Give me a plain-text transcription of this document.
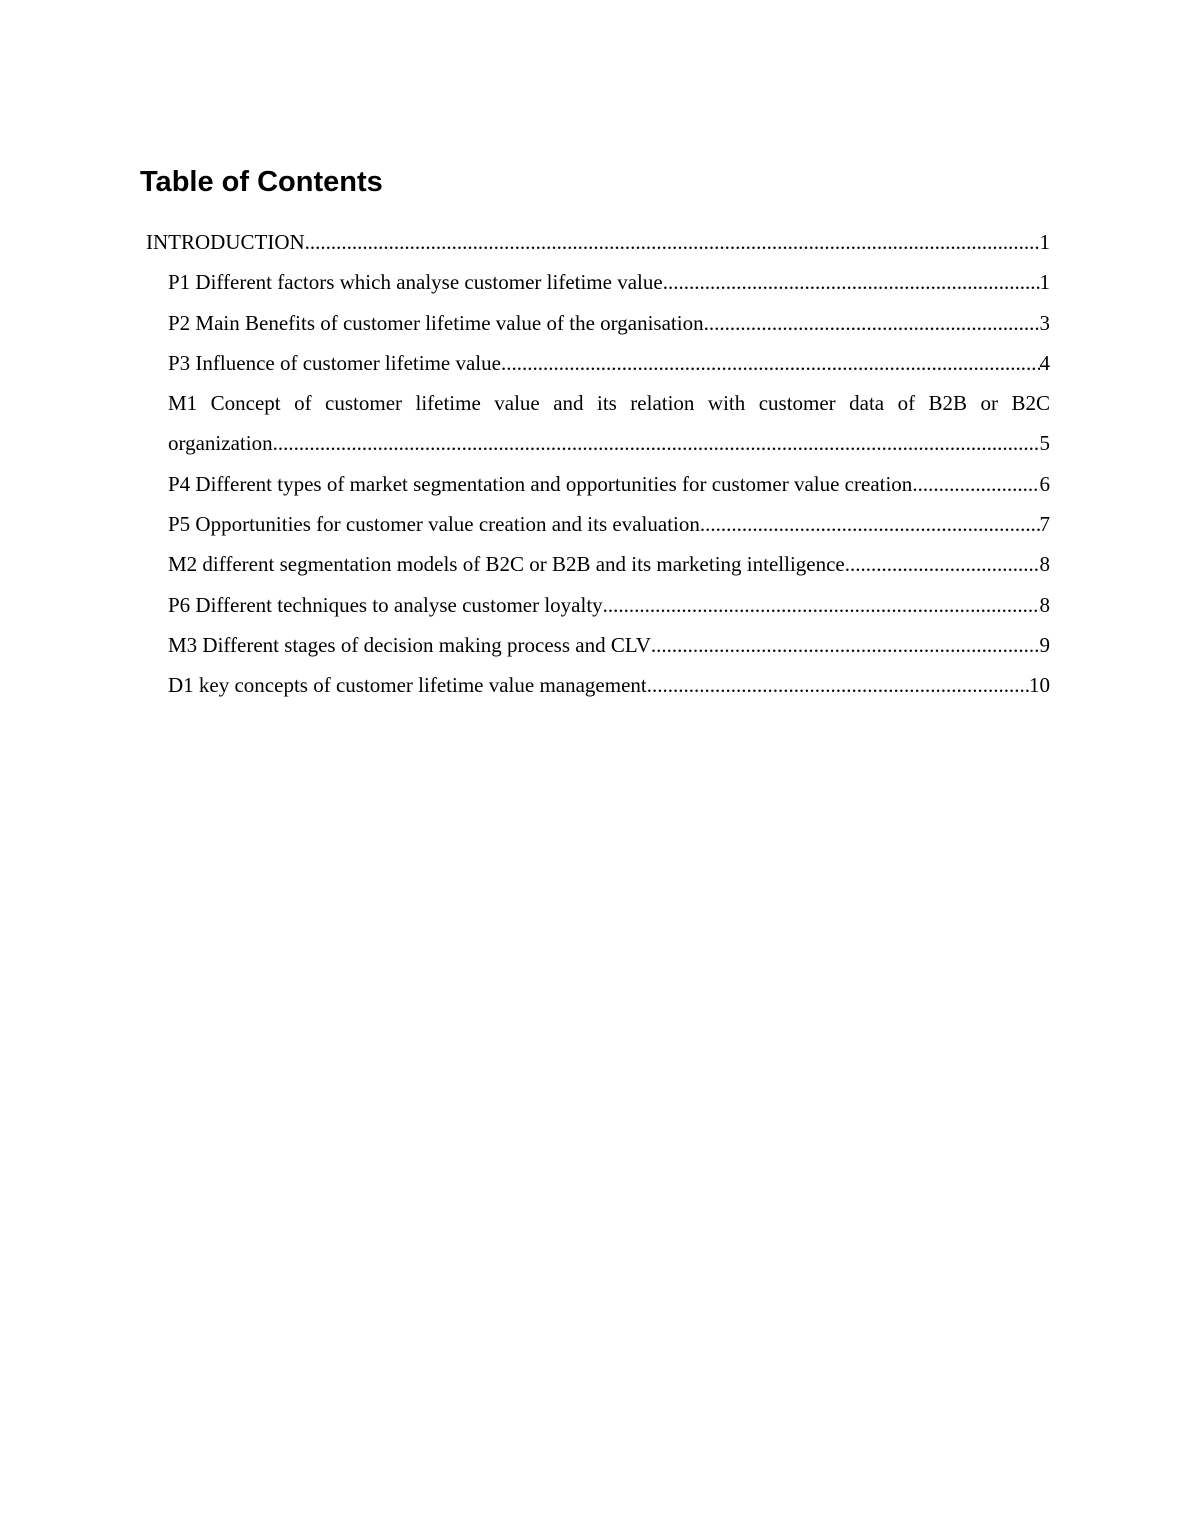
Table of Contents
INTRODUCTION .....	1
P1 Different factors which analyse customer lifetime value .....	1
P2 Main Benefits of customer lifetime value of the organisation .....	3
P3 Influence of customer lifetime value .....	4
M1 Concept of customer lifetime value and its relation with customer data of B2B or B2C
organization .....	5
P4 Different types of market segmentation and opportunities for customer value creation .....	6
P5 Opportunities for customer value creation and its evaluation .....	7
M2 different segmentation models of B2C or B2B and its marketing intelligence .....	8
P6 Different techniques to analyse customer loyalty .....	8
M3 Different stages of decision making process and CLV .....	9
D1 key concepts of customer lifetime value management .....	10
